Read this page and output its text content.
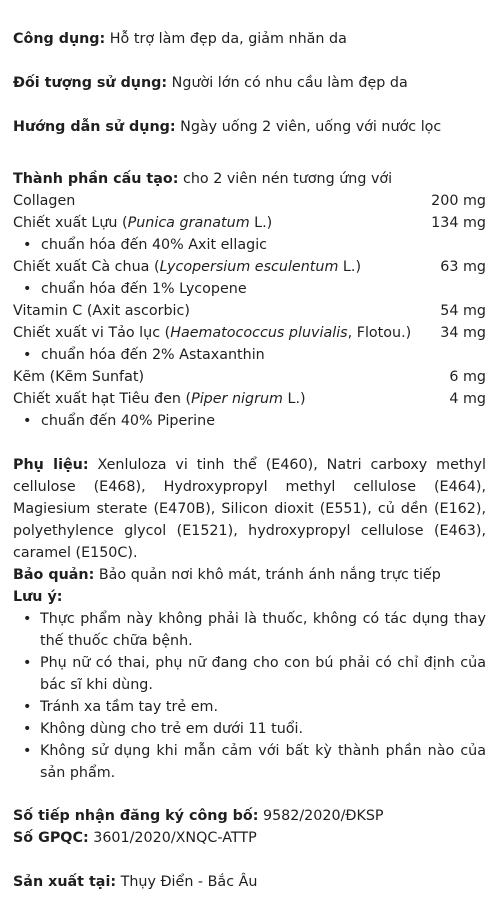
Công dụng: Hỗ trợ làm đẹp da, giảm nhăn da
Đối tượng sử dụng: Người lớn có nhu cầu làm đẹp da
Hướng dẫn sử dụng: Ngày uống 2 viên, uống với nước lọc
Thành phần cấu tạo: cho 2 viên nén tương ứng với
Collagen	200 mg
Chiết xuất Lựu (Punica granatum L.)	134 mg
• chuẩn hóa đến 40% Axit ellagic
Chiết xuất Cà chua (Lycopersium esculentum L.)	63 mg
• chuẩn hóa đến 1% Lycopene
Vitamin C (Axit ascorbic)	54 mg
Chiết xuất vi Tảo lục (Haematococcus pluvialis, Flotou.) 34 mg
• chuẩn hóa đến 2% Astaxanthin
Kẽm (Kẽm Sunfat)	6 mg
Chiết xuất hạt Tiêu đen (Piper nigrum L.)	4 mg
• chuẩn đến 40% Piperine
Phụ liệu: Xenluloza vi tinh thể (E460), Natri carboxy methyl cellulose (E468), Hydroxypropyl methyl cellulose (E464), Magiesium sterate (E470B), Silicon dioxit (E551), củ dền (E162), polyethylence glycol (E1521), hydroxypropyl cellulose (E463), caramel (E150C).
Bảo quản: Bảo quản nơi khô mát, tránh ánh nắng trực tiếp
Lưu ý:
• Thực phẩm này không phải là thuốc, không có tác dụng thay thế thuốc chữa bệnh.
• Phụ nữ có thai, phụ nữ đang cho con bú phải có chỉ định của bác sĩ khi dùng.
• Tránh xa tầm tay trẻ em.
• Không dùng cho trẻ em dưới 11 tuổi.
• Không sử dụng khi mẫn cảm với bất kỳ thành phần nào của sản phẩm.
Số tiếp nhận đăng ký công bố: 9582/2020/ĐKSP
Số GPQC: 3601/2020/XNQC-ATTP
Sản xuất tại: Thụy Điển - Bắc Âu
